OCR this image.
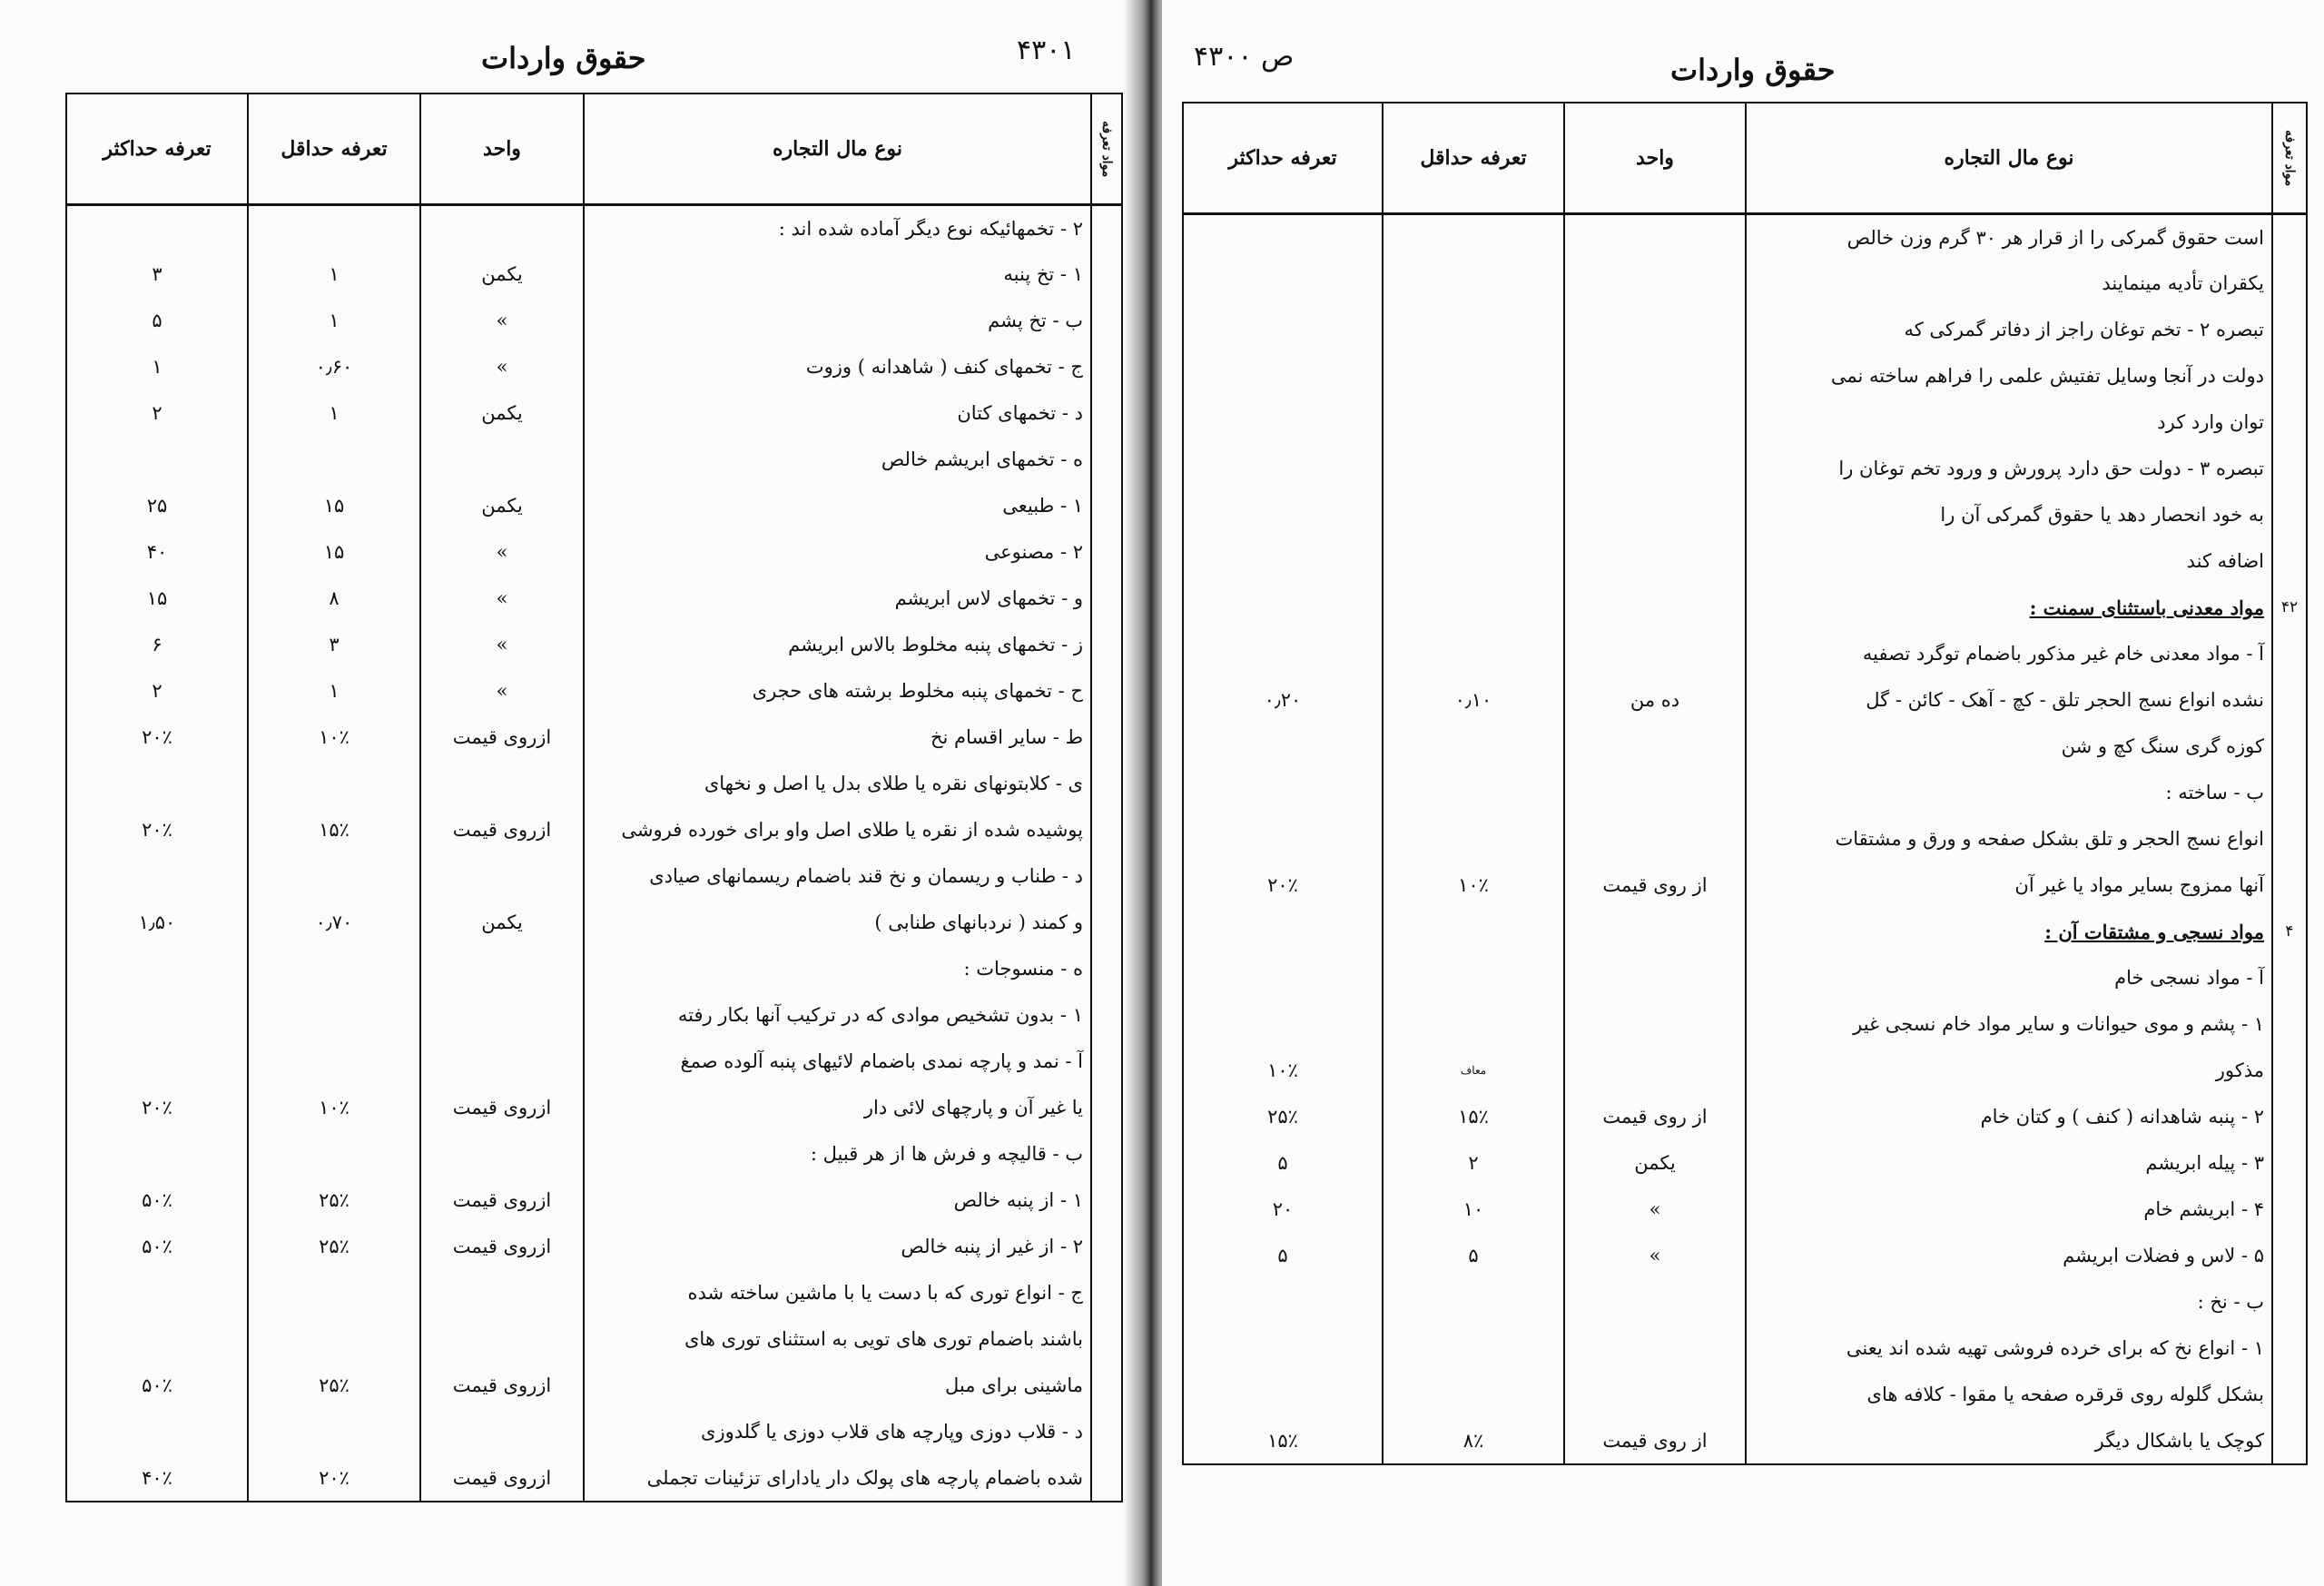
حقوق واردات	۴۳۰۱
مواد تعرفه	نوع مال التجاره	واحد	تعرفه حداقل	تعرفه حداکثر
	۲ - تخمهائیکه نوع دیگر آماده شده اند :			
	۱ - تخ پنبه	یکمن	۱	۳
	ب - تخ پشم	»	۱	۵
	ج - تخمهای کنف ( شاهدانه ) وزوت	»	۰٫۶۰	۱
	د - تخمهای کتان	یکمن	۱	۲
	ه - تخمهای ابریشم خالص			
	۱ - طبیعی	یکمن	۱۵	۲۵
	۲ - مصنوعی	»	۱۵	۴۰
	و - تخمهای لاس ابریشم	»	۸	۱۵
	ز - تخمهای پنبه مخلوط بالاس ابریشم	»	۳	۶
	ح - تخمهای پنبه مخلوط برشته های حجری	»	۱	۲
	ط - سایر اقسام نخ	ازروی قیمت	۱۰٪	۲۰٪
	ی - کلابتونهای نقره یا طلای بدل یا اصل و نخهای			
	پوشیده شده از نقره یا طلای اصل واو برای خورده فروشی	ازروی قیمت	۱۵٪	۲۰٪
	د - طناب و ریسمان و نخ قند باضمام ریسمانهای صیادی			
	و کمند ( نردبانهای طنابی )	یکمن	۰٫۷۰	۱٫۵۰
	ه - منسوجات :			
	۱ - بدون تشخیص موادی که در ترکیب آنها بکار رفته			
	آ - نمد و پارچه نمدی باضمام لائیهای پنبه آلوده صمغ			
	یا غیر آن و پارچهای لائی دار	ازروی قیمت	۱۰٪	۲۰٪
	ب - قالیچه و فرش ها از هر قبیل :			
	۱ - از پنبه خالص	ازروی قیمت	۲۵٪	۵۰٪
	۲ - از غیر از پنبه خالص	ازروی قیمت	۲۵٪	۵۰٪
	ج - انواع توری که با دست یا با ماشین ساخته شده			
	باشند باضمام توری های تویی به استثنای توری های			
	ماشینی برای مبل	ازروی قیمت	۲۵٪	۵۰٪
	د - قلاب دوزی وپارچه های قلاب دوزی یا گلدوزی			
	شده باضمام پارچه های پولک دار یادارای تزئینات تجملی	ازروی قیمت	۲۰٪	۴۰٪
حقوق واردات
ص ۴۳۰۰
مواد تعرفه	نوع مال التجاره	واحد	تعرفه حداقل	تعرفه حداکثر
	است حقوق گمرکی را از قرار هر ۳۰ گرم وزن خالص			
	یکقران تأدیه مینمایند			
	تبصره ۲ - تخم توغان راجز از دفاتر گمرکی که			
	دولت در آنجا وسایل تفتیش علمی را فراهم ساخته نمی			
	توان وارد کرد			
	تبصره ۳ - دولت حق دارد پرورش و ورود تخم توغان را			
	به خود انحصار دهد یا حقوق گمرکی آن را			
	اضافه کند			
۴۲	مواد معدنی باستثنای سمنت :			
	آ - مواد معدنی خام غیر مذکور باضمام توگرد تصفیه			
	نشده انواع نسج الحجر تلق - کچ - آهک - کائن - گل	ده من	۰٫۱۰	۰٫۲۰
	کوزه گری سنگ کچ و شن			
	ب - ساخته :			
	انواع نسج الحجر و تلق بشکل صفحه و ورق و مشتقات			
	آنها ممزوج بسایر مواد یا غیر آن	از روی قیمت	۱۰٪	۲۰٪
۴	مواد نسجی و مشتقات آن :			
	آ - مواد نسجی خام			
	۱ - پشم و موی حیوانات و سایر مواد خام نسجی غیر			
	مذکور		معاف	۱۰٪
	۲ - پنبه شاهدانه ( کنف ) و کتان خام	از روی قیمت	۱۵٪	۲۵٪
	۳ - پیله ابریشم	یکمن	۲	۵
	۴ - ابریشم خام	»	۱۰	۲۰
	۵ - لاس و فضلات ابریشم	»	۵	۵
	ب - نخ :			
	۱ - انواع نخ که برای خرده فروشی تهیه شده اند یعنی			
	بشکل گلوله روی قرقره صفحه یا مقوا - کلافه های			
	کوچک یا باشکال دیگر	از روی قیمت	۸٪	۱۵٪
